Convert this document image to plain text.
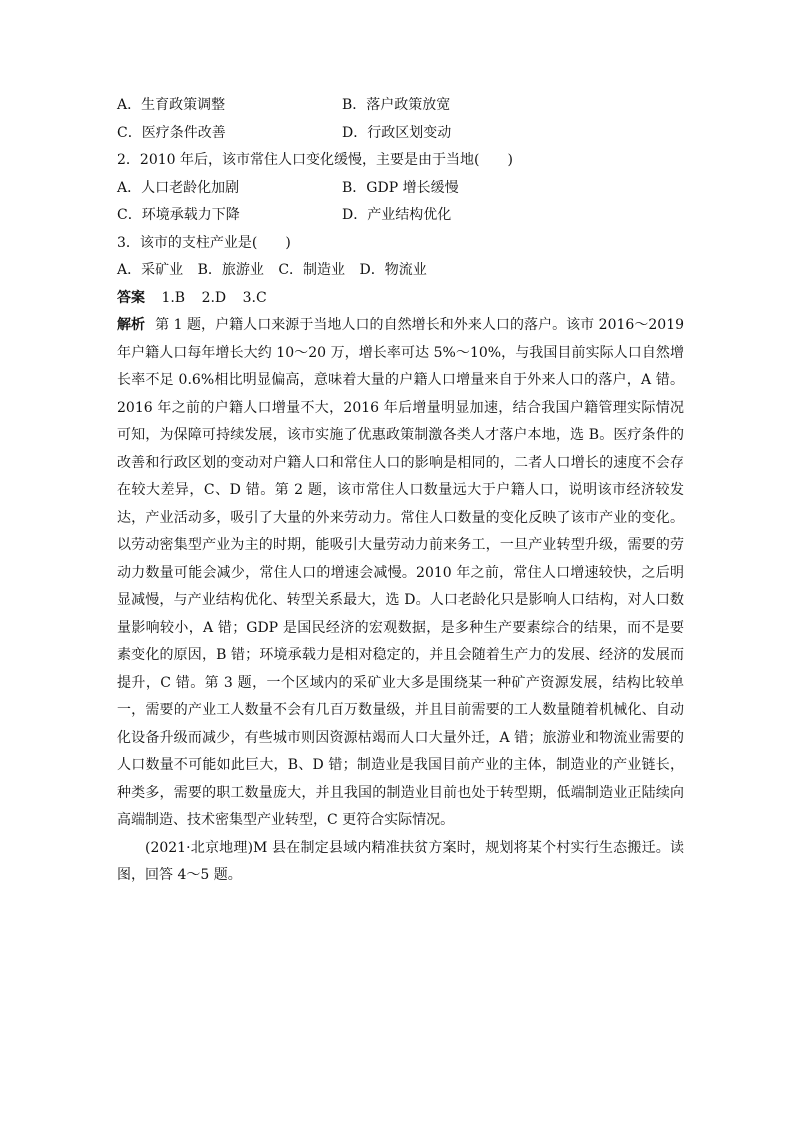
A．生育政策调整	B．落户政策放宽
C．医疗条件改善	D．行政区划变动
2．2010 年后，该市常住人口变化缓慢，主要是由于当地(　　)
A．人口老龄化加剧	B．GDP 增长缓慢
C．环境承载力下降	D．产业结构优化
3．该市的支柱产业是(　　)
A．采矿业 B．旅游业 C．制造业 D．物流业
答案 1.B 2.D 3.C

解析 第 1 题，户籍人口来源于当地人口的自然增长和外来人口的落户。该市 2016～2019 年户籍人口每年增长大约 10～20 万，增长率可达 5%～10%，与我国目前实际人口自然增长率不足 0.6%相比明显偏高，意味着大量的户籍人口增量来自于外来人口的落户，A 错。2016 年之前的户籍人口增量不大，2016 年后增量明显加速，结合我国户籍管理实际情况可知，为保障可持续发展，该市实施了优惠政策制激各类人才落户本地，选 B。医疗条件的改善和行政区划的变动对户籍人口和常住人口的影响是相同的，二者人口增长的速度不会存在较大差异，C、D 错。第 2 题，该市常住人口数量远大于户籍人口，说明该市经济较发达，产业活动多，吸引了大量的外来劳动力。常住人口数量的变化反映了该市产业的变化。以劳动密集型产业为主的时期，能吸引大量劳动力前来务工，一旦产业转型升级，需要的劳动力数量可能会减少，常住人口的增速会减慢。2010 年之前，常住人口增速较快，之后明显减慢，与产业结构优化、转型关系最大，选 D。人口老龄化只是影响人口结构，对人口数量影响较小，A 错；GDP 是国民经济的宏观数据，是多种生产要素综合的结果，而不是要素变化的原因，B 错；环境承载力是相对稳定的，并且会随着生产力的发展、经济的发展而提升，C 错。第 3 题，一个区域内的采矿业大多是围绕某一种矿产资源发展，结构比较单一，需要的产业工人数量不会有几百万数量级，并且目前需要的工人数量随着机械化、自动化设备升级而减少，有些城市则因资源枯竭而人口大量外迁，A 错；旅游业和物流业需要的人口数量不可能如此巨大，B、D 错；制造业是我国目前产业的主体，制造业的产业链长，种类多，需要的职工数量庞大，并且我国的制造业目前也处于转型期，低端制造业正陆续向高端制造、技术密集型产业转型，C 更符合实际情况。

(2021·北京地理)M 县在制定县域内精准扶贫方案时，规划将某个村实行生态搬迁。读图，回答 4～5 题。
